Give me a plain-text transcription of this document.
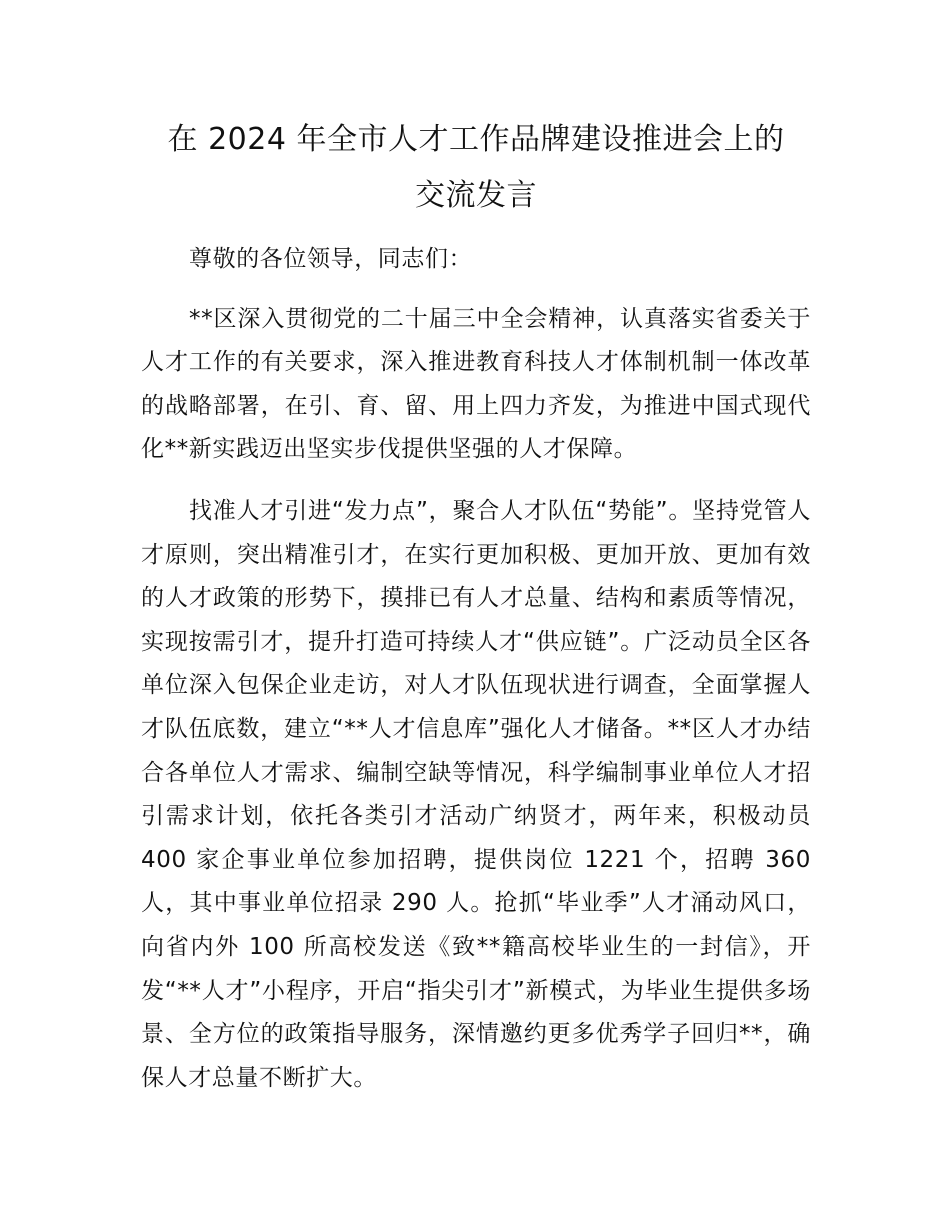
在 2024 年全市人才工作品牌建设推进会上的
交流发言

尊敬的各位领导，同志们：

**区深入贯彻党的二十届三中全会精神，认真落实省委关于人才工作的有关要求，深入推进教育科技人才体制机制一体改革的战略部署，在引、育、留、用上四力齐发，为推进中国式现代化**新实践迈出坚实步伐提供坚强的人才保障。

找准人才引进“发力点”，聚合人才队伍“势能”。坚持党管人才原则，突出精准引才，在实行更加积极、更加开放、更加有效的人才政策的形势下，摸排已有人才总量、结构和素质等情况，实现按需引才，提升打造可持续人才“供应链”。广泛动员全区各单位深入包保企业走访，对人才队伍现状进行调查，全面掌握人才队伍底数，建立“**人才信息库”强化人才储备。**区人才办结合各单位人才需求、编制空缺等情况，科学编制事业单位人才招引需求计划，依托各类引才活动广纳贤才，两年来，积极动员 400 家企事业单位参加招聘，提供岗位 1221 个，招聘 360 人，其中事业单位招录 290 人。抢抓“毕业季”人才涌动风口，向省内外 100 所高校发送《致**籍高校毕业生的一封信》，开发“**人才”小程序，开启“指尖引才”新模式，为毕业生提供多场景、全方位的政策指导服务，深情邀约更多优秀学子回归**，确保人才总量不断扩大。
